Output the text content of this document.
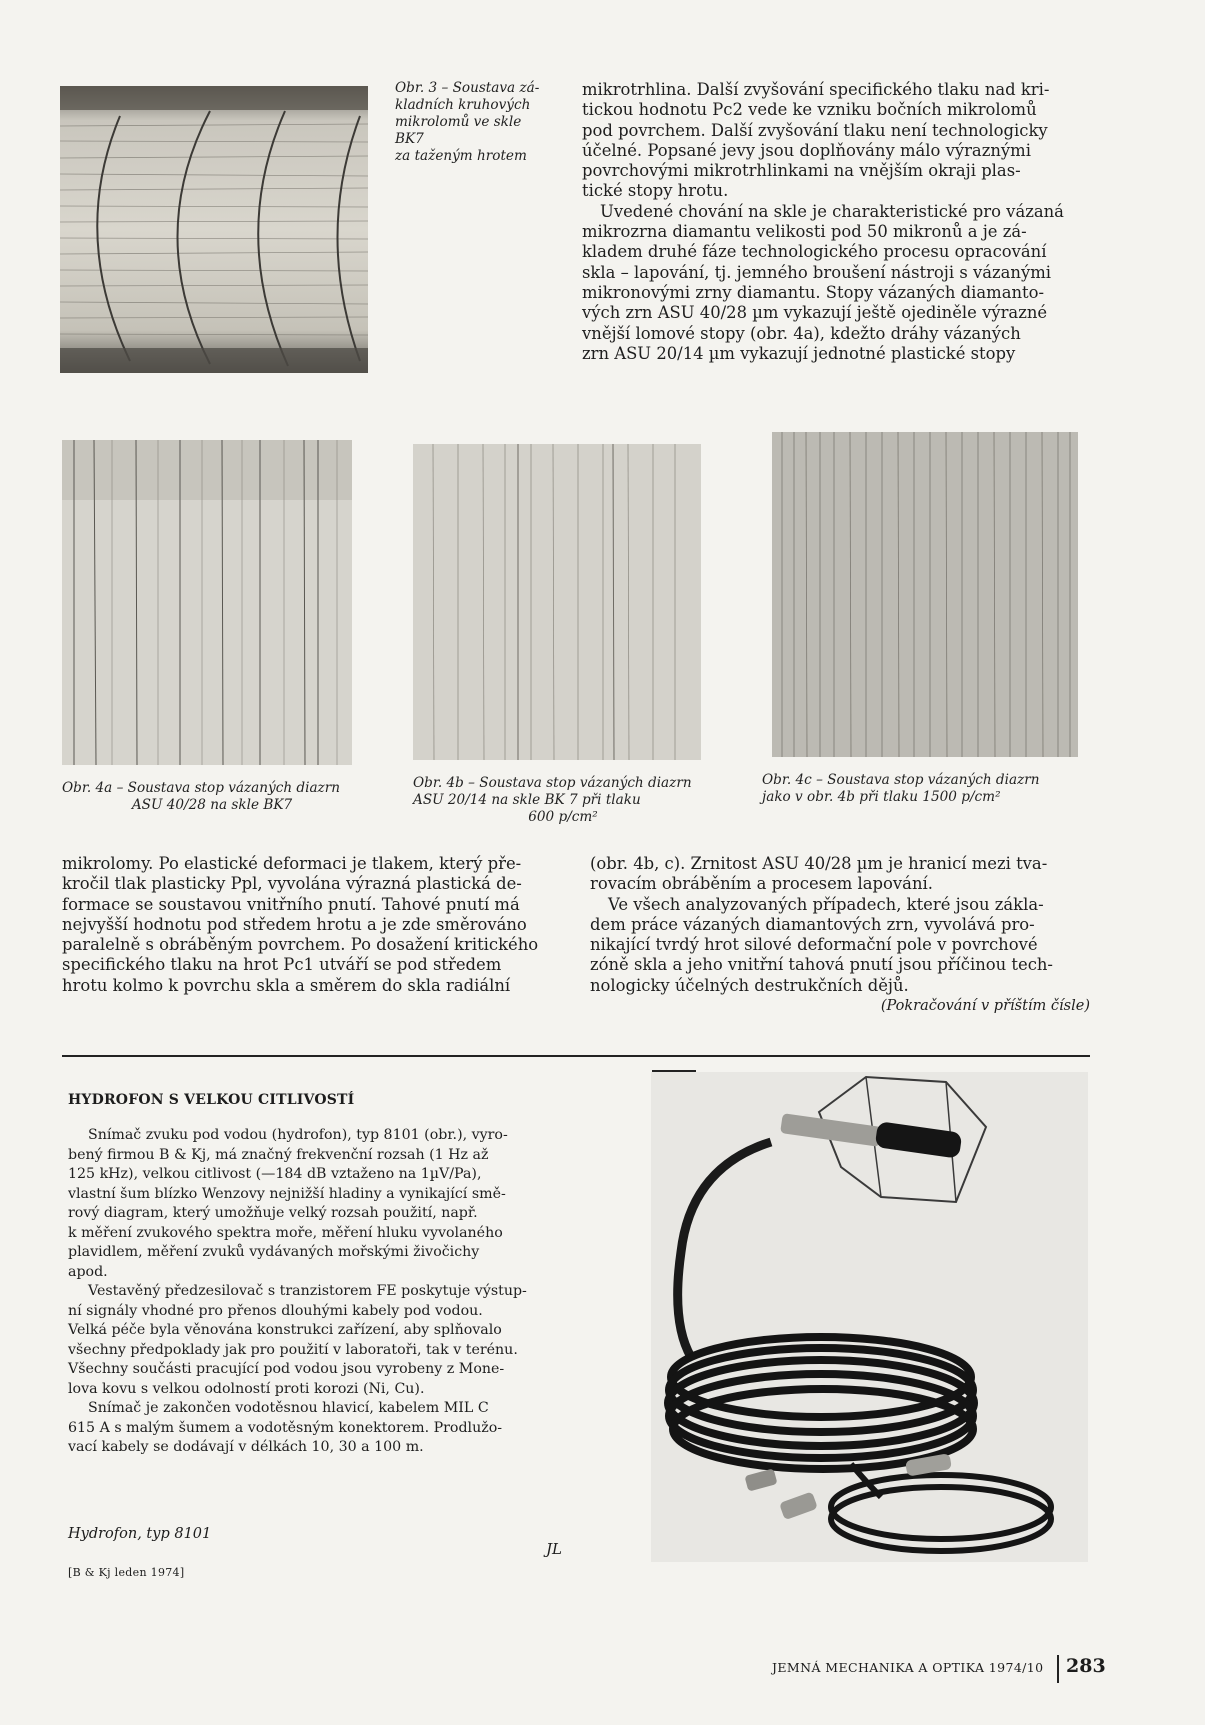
Obr. 3 – Soustava zá-
kladních kruhových
mikrolomů ve skle
BK7
za taženým hrotem

mikrotrhlina. Další zvyšování specifického tlaku nad kri-

tickou hodnotu Pc2 vede ke vzniku bočních mikrolomů

pod povrchem. Další zvyšování tlaku není technologicky

účelné. Popsané jevy jsou doplňovány málo výraznými

povrchovými mikrotrhlinkami na vnějším okraji plas-

tické stopy hrotu.

Uvedené chování na skle je charakteristické pro vázaná

mikrozrna diamantu velikosti pod 50 mikronů a je zá-

kladem druhé fáze technologického procesu opracování

skla – lapování, tj. jemného broušení nástroji s vázanými

mikronovými zrny diamantu. Stopy vázaných diamanto-

vých zrn ASU 40/28 µm vykazují ještě ojediněle výrazné

vnější lomové stopy (obr. 4a), kdežto dráhy vázaných

zrn ASU 20/14 µm vykazují jednotné plastické stopy

Obr. 4a – Soustava stop vázaných diazrn
ASU 40/28 na skle BK7
Obr. 4b – Soustava stop vázaných diazrn
ASU 20/14 na skle BK 7 při tlaku
600 p/cm²
Obr. 4c – Soustava stop vázaných diazrn
jako v obr. 4b při tlaku 1500 p/cm²

mikrolomy. Po elastické deformaci je tlakem, který pře-

kročil tlak plasticky Ppl, vyvolána výrazná plastická de-

formace se soustavou vnitřního pnutí. Tahové pnutí má

nejvyšší hodnotu pod středem hrotu a je zde směrováno

paralelně s obráběným povrchem. Po dosažení kritického

specifického tlaku na hrot Pc1 utváří se pod středem

hrotu kolmo k povrchu skla a směrem do skla radiální

(obr. 4b, c). Zrnitost ASU 40/28 µm je hranicí mezi tva-

rovacím obráběním a procesem lapování.

Ve všech analyzovaných případech, které jsou zákla-

dem práce vázaných diamantových zrn, vyvolává pro-

nikající tvrdý hrot silové deformační pole v povrchové

zóně skla a jeho vnitřní tahová pnutí jsou příčinou tech-

nologicky účelných destrukčních dějů.

(Pokračování v příštím čísle)

HYDROFON S VELKOU CITLIVOSTÍ

Snímač zvuku pod vodou (hydrofon), typ 8101 (obr.), vyro-

bený firmou B & Kj, má značný frekvenční rozsah (1 Hz až

125 kHz), velkou citlivost (—184 dB vztaženo na 1µV/Pa),

vlastní šum blízko Wenzovy nejnižší hladiny a vynikající smě-

rový diagram, který umožňuje velký rozsah použití, např.

k měření zvukového spektra moře, měření hluku vyvolaného

plavidlem, měření zvuků vydávaných mořskými živočichy

apod.

Vestavěný předzesilovač s tranzistorem FE poskytuje výstup-

ní signály vhodné pro přenos dlouhými kabely pod vodou.

Velká péče byla věnována konstrukci zařízení, aby splňovalo

všechny předpoklady jak pro použití v laboratoři, tak v terénu.

Všechny součásti pracující pod vodou jsou vyrobeny z Mone-

lova kovu s velkou odolností proti korozi (Ni, Cu).

Snímač je zakončen vodotěsnou hlavicí, kabelem MIL C

615 A s malým šumem a vodotěsným konektorem. Prodlužo-

vací kabely se dodávají v délkách 10, 30 a 100 m.

Hydrofon, typ 8101
JL
[B & Kj leden 1974]
JEMNÁ MECHANIKA A OPTIKA 1974/10 283
